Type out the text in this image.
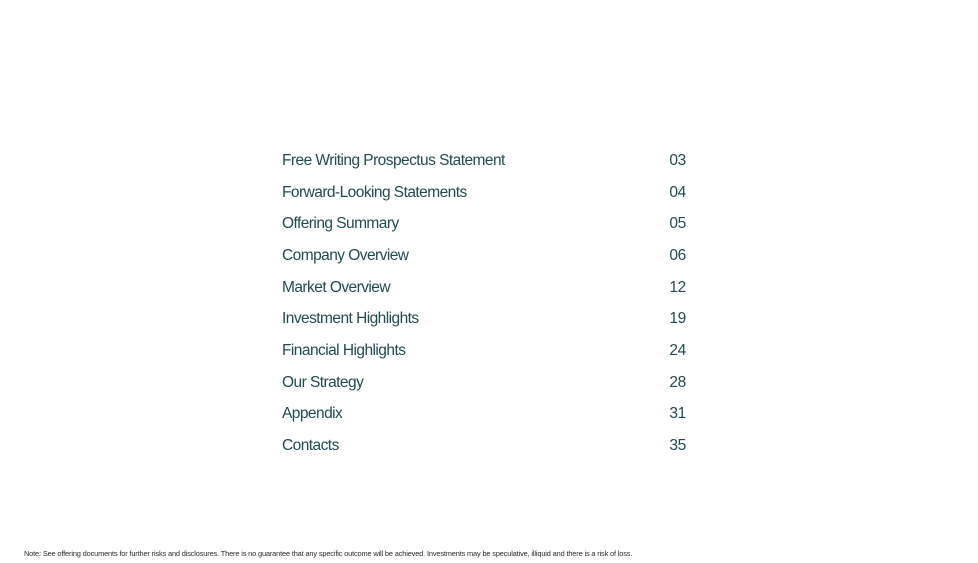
Free Writing Prospectus Statement	03
Forward-Looking Statements	04
Offering Summary	05
Company Overview	06
Market Overview	12
Investment Highlights	19
Financial Highlights	24
Our Strategy	28
Appendix	31
Contacts	35
Note: See offering documents for further risks and disclosures. There is no guarantee that any specific outcome will be achieved. Investments may be speculative, illiquid and there is a risk of loss.
